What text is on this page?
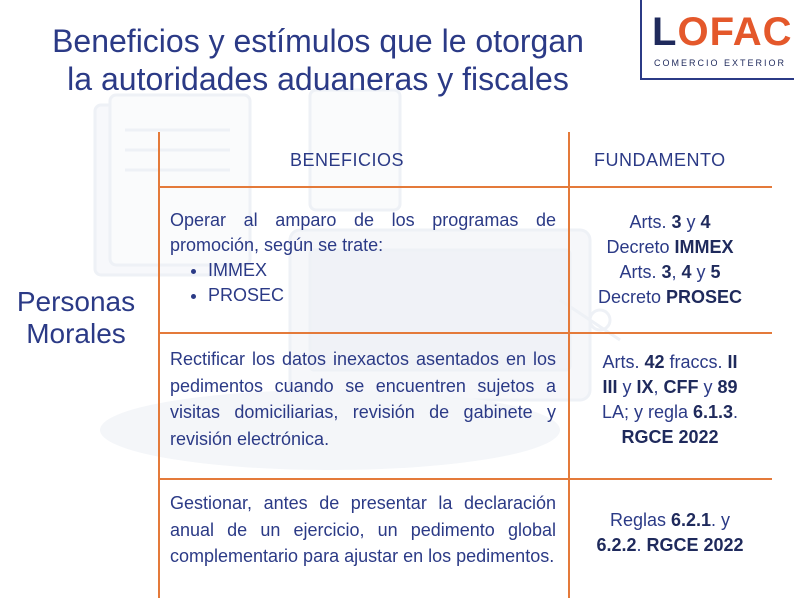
Beneficios y estímulos que le otorgan
la autoridades aduaneras y fiscales
LOFAC
COMERCIO EXTERIOR
BENEFICIOS	FUNDAMENTO
Personas
Morales
Operar al amparo de los programas de promoción, según se trate:
• IMMEX
• PROSEC
Arts. 3 y 4
Decreto IMMEX
Arts. 3, 4 y 5
Decreto PROSEC
Rectificar los datos inexactos asentados en los pedimentos cuando se encuentren sujetos a visitas domiciliarias, revisión de gabinete y revisión electrónica.
Arts. 42 fraccs. II
III y IX, CFF y 89
LA; y regla 6.1.3.
RGCE 2022
Gestionar, antes de presentar la declaración anual de un ejercicio, un pedimento global complementario para ajustar en los pedimentos.
Reglas 6.2.1. y
6.2.2. RGCE 2022
